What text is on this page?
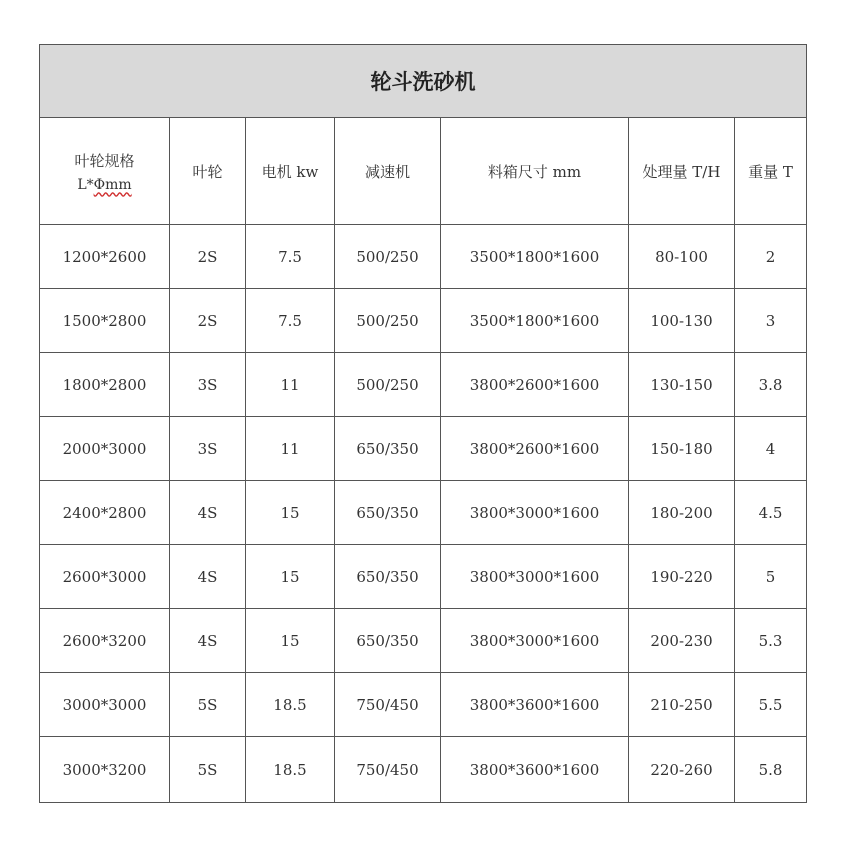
轮斗洗砂机						
叶轮规格
L*Φmm	叶轮	电机 kw	减速机	料箱尺寸 mm	处理量 T/H	重量 T
1200*2600	2S	7.5	500/250	3500*1800*1600	80-100	2
1500*2800	2S	7.5	500/250	3500*1800*1600	100-130	3
1800*2800	3S	11	500/250	3800*2600*1600	130-150	3.8
2000*3000	3S	11	650/350	3800*2600*1600	150-180	4
2400*2800	4S	15	650/350	3800*3000*1600	180-200	4.5
2600*3000	4S	15	650/350	3800*3000*1600	190-220	5
2600*3200	4S	15	650/350	3800*3000*1600	200-230	5.3
3000*3000	5S	18.5	750/450	3800*3600*1600	210-250	5.5
3000*3200	5S	18.5	750/450	3800*3600*1600	220-260	5.8
